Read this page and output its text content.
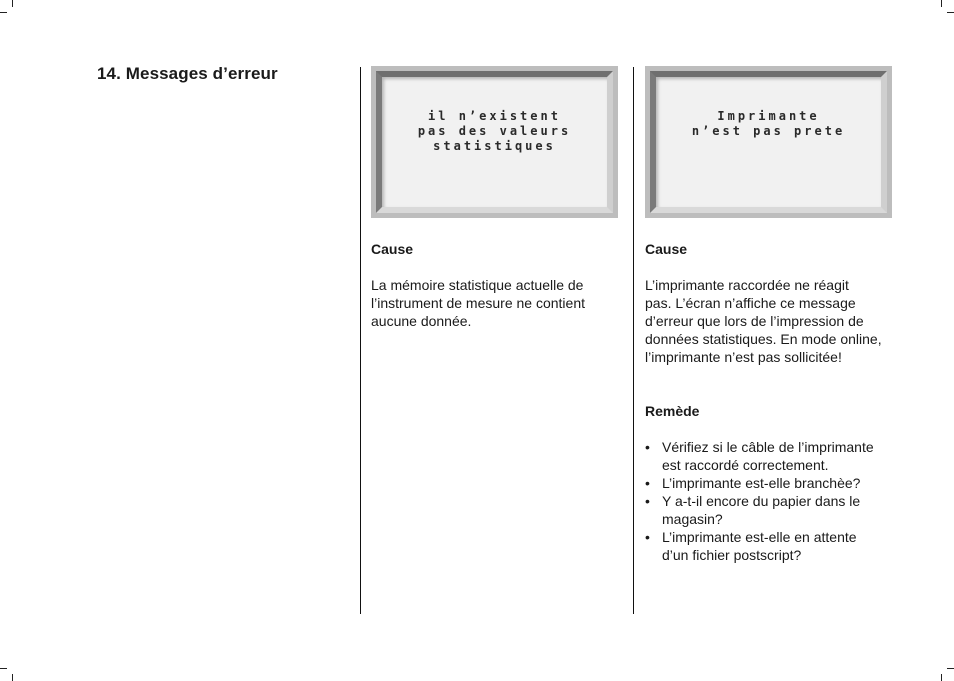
14. Messages d’erreur
il n’existent
pas des valeurs
statistiques
Cause
La mémoire statistique actuelle de
l’instrument de mesure ne contient
aucune donnée.
Imprimante
n’est pas prete
Cause
L’imprimante raccordée ne réagit
pas. L’écran n’affiche ce message
d’erreur que lors de l’impression de
données statistiques. En mode online,
l’imprimante n’est pas sollicitée!
Remède
• Vérifiez si le câble de l’imprimante
est raccordé correctement.
• L’imprimante est-elle branchèe?
• Y a-t-il encore du papier dans le
magasin?
• L’imprimante est-elle en attente
d’un fichier postscript?
